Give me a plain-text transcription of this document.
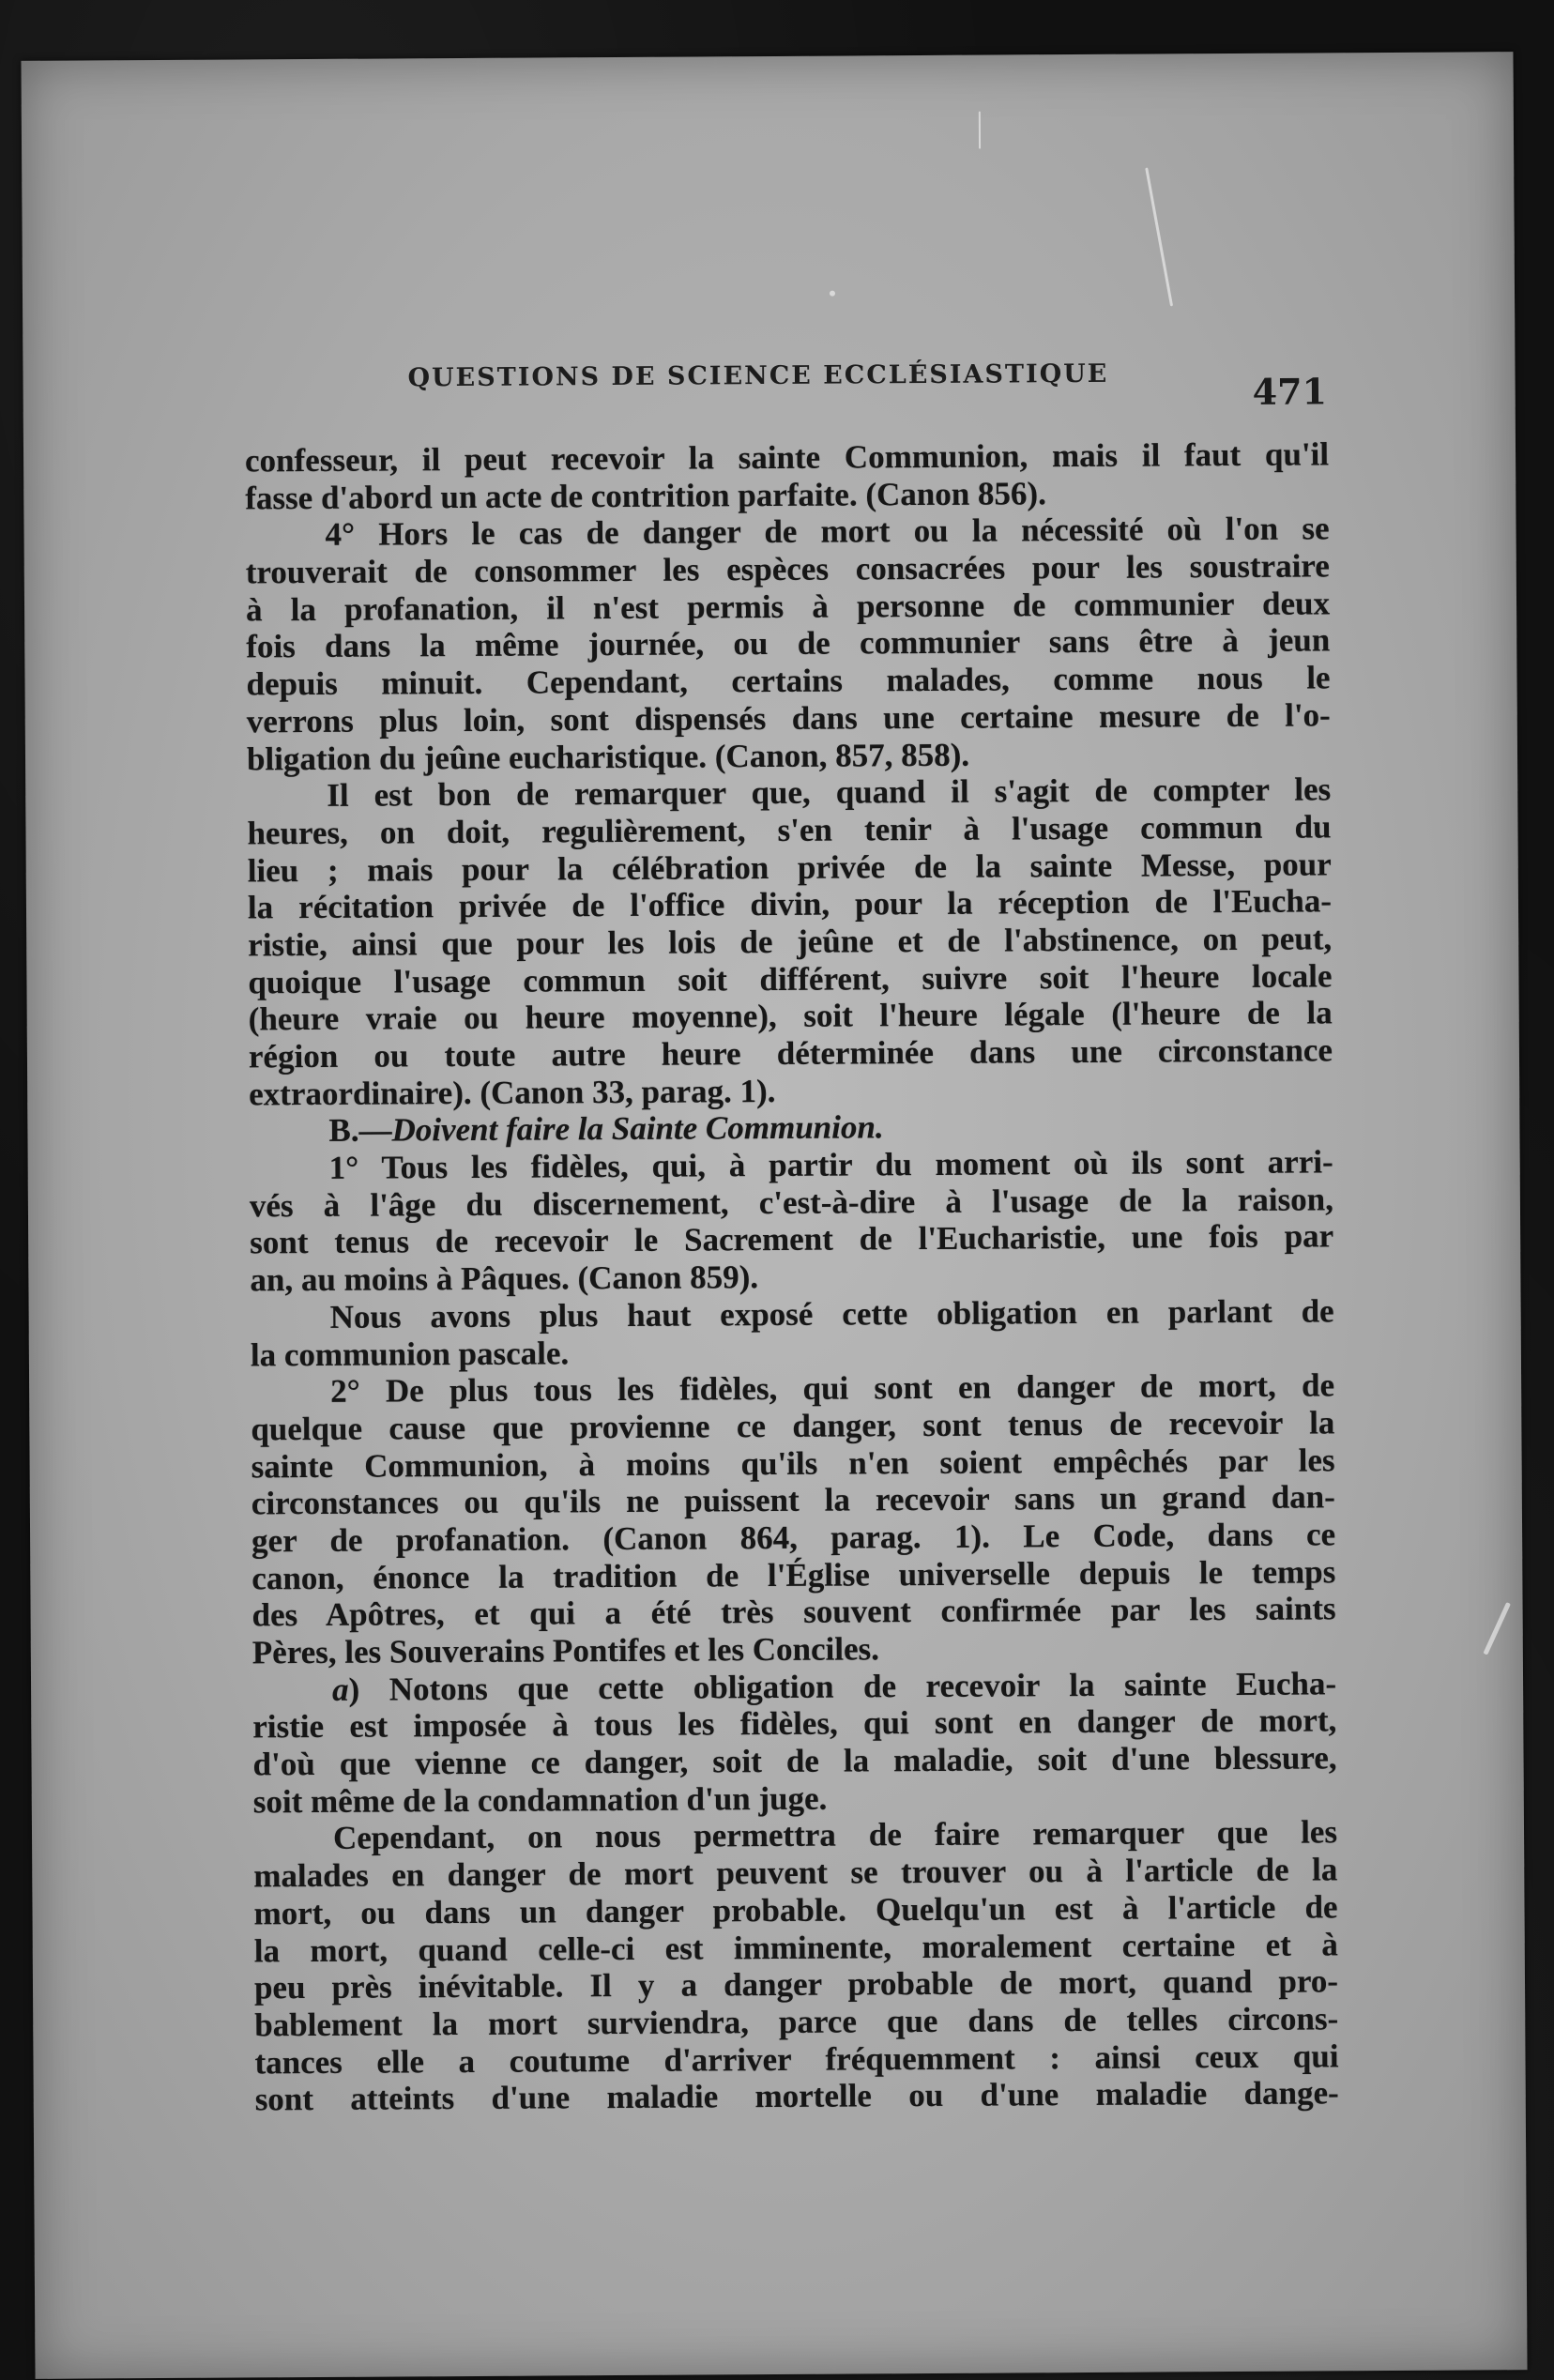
QUESTIONS DE SCIENCE ECCLÉSIASTIQUE	471
confesseur, il peut recevoir la sainte Communion, mais il faut qu'il
fasse d'abord un acte de contrition parfaite. (Canon 856).
4° Hors le cas de danger de mort ou la nécessité où l'on se
trouverait de consommer les espèces consacrées pour les soustraire
à la profanation, il n'est permis à personne de communier deux
fois dans la même journée, ou de communier sans être à jeun
depuis minuit. Cependant, certains malades, comme nous le
verrons plus loin, sont dispensés dans une certaine mesure de l'o-
bligation du jeûne eucharistique. (Canon, 857, 858).
Il est bon de remarquer que, quand il s'agit de compter les
heures, on doit, regulièrement, s'en tenir à l'usage commun du
lieu ; mais pour la célébration privée de la sainte Messe, pour
la récitation privée de l'office divin, pour la réception de l'Eucha-
ristie, ainsi que pour les lois de jeûne et de l'abstinence, on peut,
quoique l'usage commun soit différent, suivre soit l'heure locale
(heure vraie ou heure moyenne), soit l'heure légale (l'heure de la
région ou toute autre heure déterminée dans une circonstance
extraordinaire). (Canon 33, parag. 1).
B.—Doivent faire la Sainte Communion.
1° Tous les fidèles, qui, à partir du moment où ils sont arri-
vés à l'âge du discernement, c'est-à-dire à l'usage de la raison,
sont tenus de recevoir le Sacrement de l'Eucharistie, une fois par
an, au moins à Pâques. (Canon 859).
Nous avons plus haut exposé cette obligation en parlant de
la communion pascale.
2° De plus tous les fidèles, qui sont en danger de mort, de
quelque cause que provienne ce danger, sont tenus de recevoir la
sainte Communion, à moins qu'ils n'en soient empêchés par les
circonstances ou qu'ils ne puissent la recevoir sans un grand dan-
ger de profanation. (Canon 864, parag. 1). Le Code, dans ce
canon, énonce la tradition de l'Église universelle depuis le temps
des Apôtres, et qui a été très souvent confirmée par les saints
Pères, les Souverains Pontifes et les Conciles.
a) Notons que cette obligation de recevoir la sainte Eucha-
ristie est imposée à tous les fidèles, qui sont en danger de mort,
d'où que vienne ce danger, soit de la maladie, soit d'une blessure,
soit même de la condamnation d'un juge.
Cependant, on nous permettra de faire remarquer que les
malades en danger de mort peuvent se trouver ou à l'article de la
mort, ou dans un danger probable. Quelqu'un est à l'article de
la mort, quand celle-ci est imminente, moralement certaine et à
peu près inévitable. Il y a danger probable de mort, quand pro-
bablement la mort surviendra, parce que dans de telles circons-
tances elle a coutume d'arriver fréquemment : ainsi ceux qui
sont atteints d'une maladie mortelle ou d'une maladie dange-
